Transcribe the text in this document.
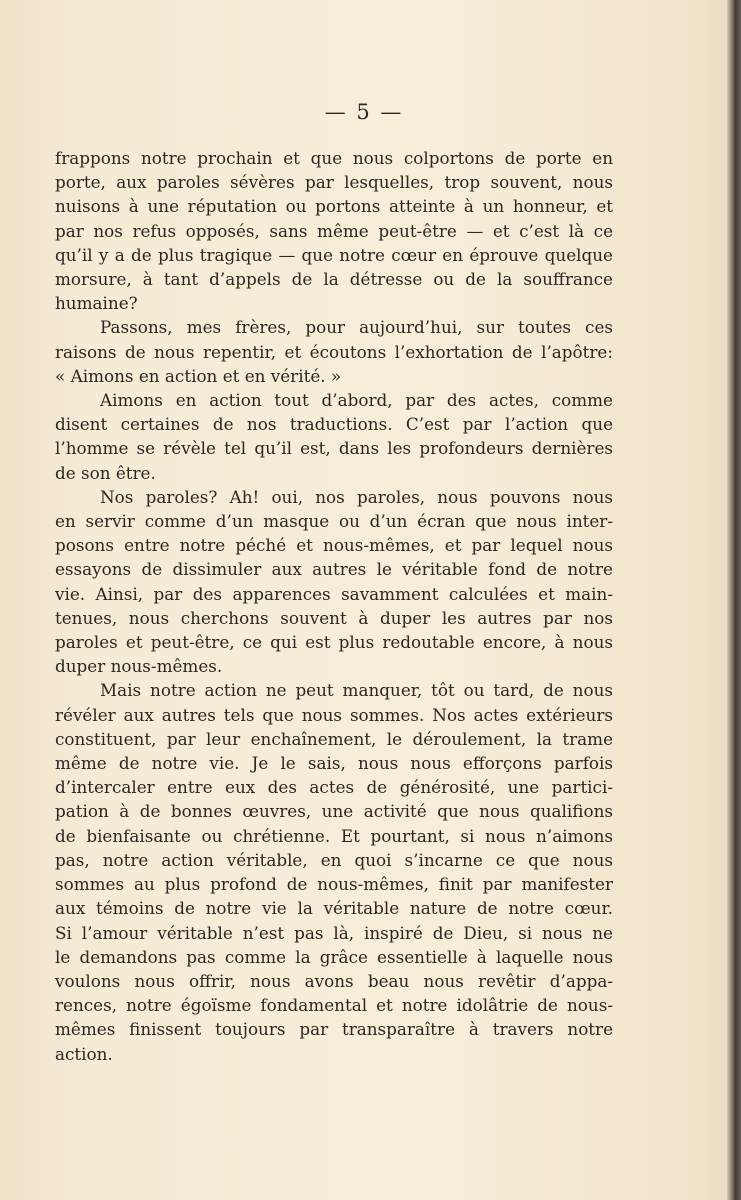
— 5 —
frappons notre prochain et que nous colportons de porte en
porte, aux paroles sévères par lesquelles, trop souvent, nous
nuisons à une réputation ou portons atteinte à un honneur, et
par nos refus opposés, sans même peut-être — et c’est là ce
qu’il y a de plus tragique — que notre cœur en éprouve quelque
morsure, à tant d’appels de la détresse ou de la souffrance
humaine?
Passons, mes frères, pour aujourd’hui, sur toutes ces
raisons de nous repentir, et écoutons l’exhortation de l’apôtre:
« Aimons en action et en vérité. »
Aimons en action tout d’abord, par des actes, comme
disent certaines de nos traductions. C’est par l’action que
l’homme se révèle tel qu’il est, dans les profondeurs dernières
de son être.
Nos paroles? Ah! oui, nos paroles, nous pouvons nous
en servir comme d’un masque ou d’un écran que nous inter-
posons entre notre péché et nous-mêmes, et par lequel nous
essayons de dissimuler aux autres le véritable fond de notre
vie. Ainsi, par des apparences savamment calculées et main-
tenues, nous cherchons souvent à duper les autres par nos
paroles et peut-être, ce qui est plus redoutable encore, à nous
duper nous-mêmes.
Mais notre action ne peut manquer, tôt ou tard, de nous
révéler aux autres tels que nous sommes. Nos actes extérieurs
constituent, par leur enchaînement, le déroulement, la trame
même de notre vie. Je le sais, nous nous efforçons parfois
d’intercaler entre eux des actes de générosité, une partici-
pation à de bonnes œuvres, une activité que nous qualifions
de bienfaisante ou chrétienne. Et pourtant, si nous n’aimons
pas, notre action véritable, en quoi s’incarne ce que nous
sommes au plus profond de nous-mêmes, finit par manifester
aux témoins de notre vie la véritable nature de notre cœur.
Si l’amour véritable n’est pas là, inspiré de Dieu, si nous ne
le demandons pas comme la grâce essentielle à laquelle nous
voulons nous offrir, nous avons beau nous revêtir d’appa-
rences, notre égoïsme fondamental et notre idolâtrie de nous-
mêmes finissent toujours par transparaître à travers notre
action.
